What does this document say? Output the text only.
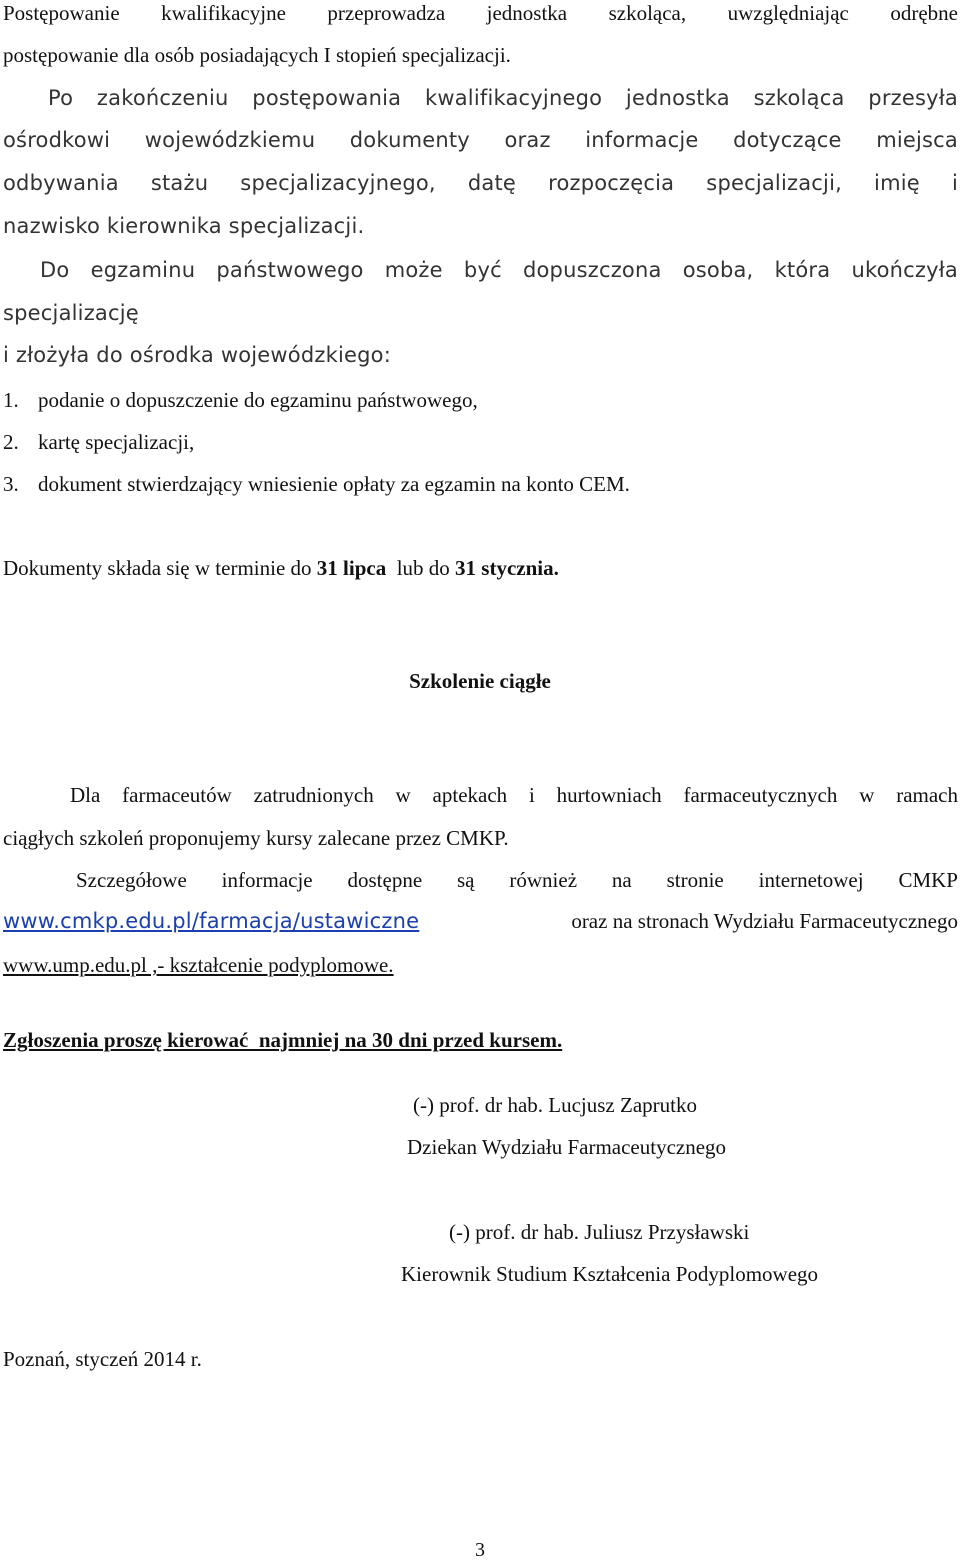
Postępowanie kwalifikacyjne przeprowadza jednostka szkoląca, uwzględniając odrębne
postępowanie dla osób posiadających I stopień specjalizacji.
Po zakończeniu postępowania kwalifikacyjnego jednostka szkoląca przesyła
ośrodkowi wojewódzkiemu dokumenty oraz informacje dotyczące miejsca
odbywania stażu specjalizacyjnego, datę rozpoczęcia specjalizacji, imię i
nazwisko kierownika specjalizacji.
Do egzaminu państwowego może być dopuszczona osoba, która ukończyła
specjalizację
i złożyła do ośrodka wojewódzkiego:
1. podanie o dopuszczenie do egzaminu państwowego,
2. kartę specjalizacji,
3. dokument stwierdzający wniesienie opłaty za egzamin na konto CEM.
Dokumenty składa się w terminie do 31 lipca  lub do 31 stycznia.
Szkolenie ciągłe
Dla farmaceutów zatrudnionych w aptekach i hurtowniach farmaceutycznych w ramach
ciągłych szkoleń proponujemy kursy zalecane przez CMKP.
Szczegółowe informacje dostępne są również na stronie internetowej CMKP
www.cmkp.edu.pl/farmacja/ustawiczne	oraz na stronach Wydziału Farmaceutycznego
www.ump.edu.pl ,- kształcenie podyplomowe.
Zgłoszenia proszę kierować  najmniej na 30 dni przed kursem.
(-) prof. dr hab. Lucjusz Zaprutko
Dziekan Wydziału Farmaceutycznego
(-) prof. dr hab. Juliusz Przysławski
Kierownik Studium Kształcenia Podyplomowego
Poznań, styczeń 2014 r.
3
